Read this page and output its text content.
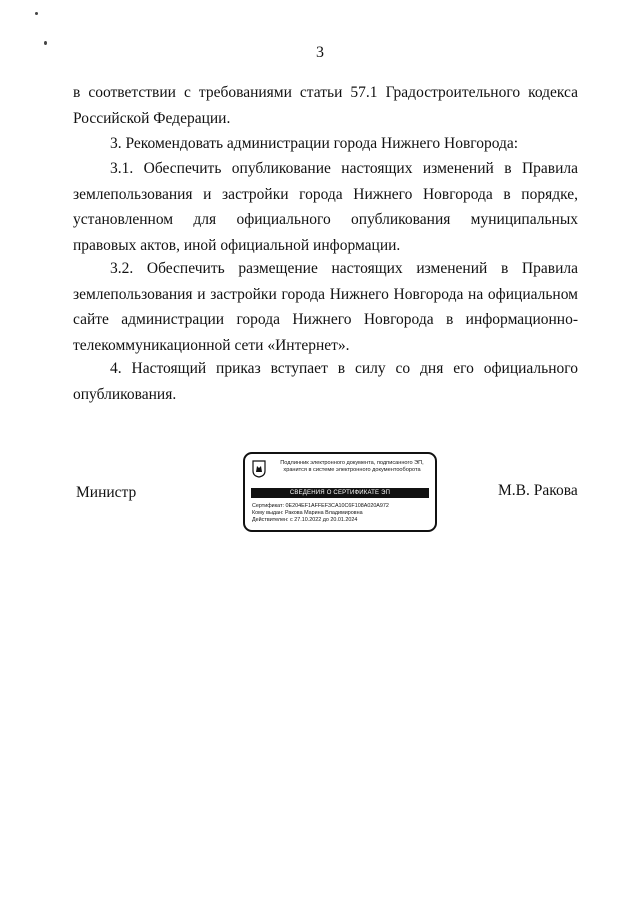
3
в соответствии с требованиями статьи 57.1 Градостроительного кодекса Российской Федерации.
3. Рекомендовать администрации города Нижнего Новгорода:
3.1. Обеспечить опубликование настоящих изменений в Правила землепользования и застройки города Нижнего Новгорода в порядке, установленном для официального опубликования муниципальных правовых актов, иной официальной информации.
3.2. Обеспечить размещение настоящих изменений в Правила землепользования и застройки города Нижнего Новгорода на официальном сайте администрации города Нижнего Новгорода в информационно-телекоммуникационной сети «Интернет».
4. Настоящий приказ вступает в силу со дня его официального опубликования.
Министр	М.В. Ракова
Подлинник электронного документа, подписанного ЭП, хранится в системе электронного документооборота
СВЕДЕНИЯ О СЕРТИФИКАТЕ ЭП
Сертификат: 0E204EF1AFFEF3CA10C6F108A020A972
Кому выдан: Ракова Марина Владимировна
Действителен: с 27.10.2022 до 20.01.2024
